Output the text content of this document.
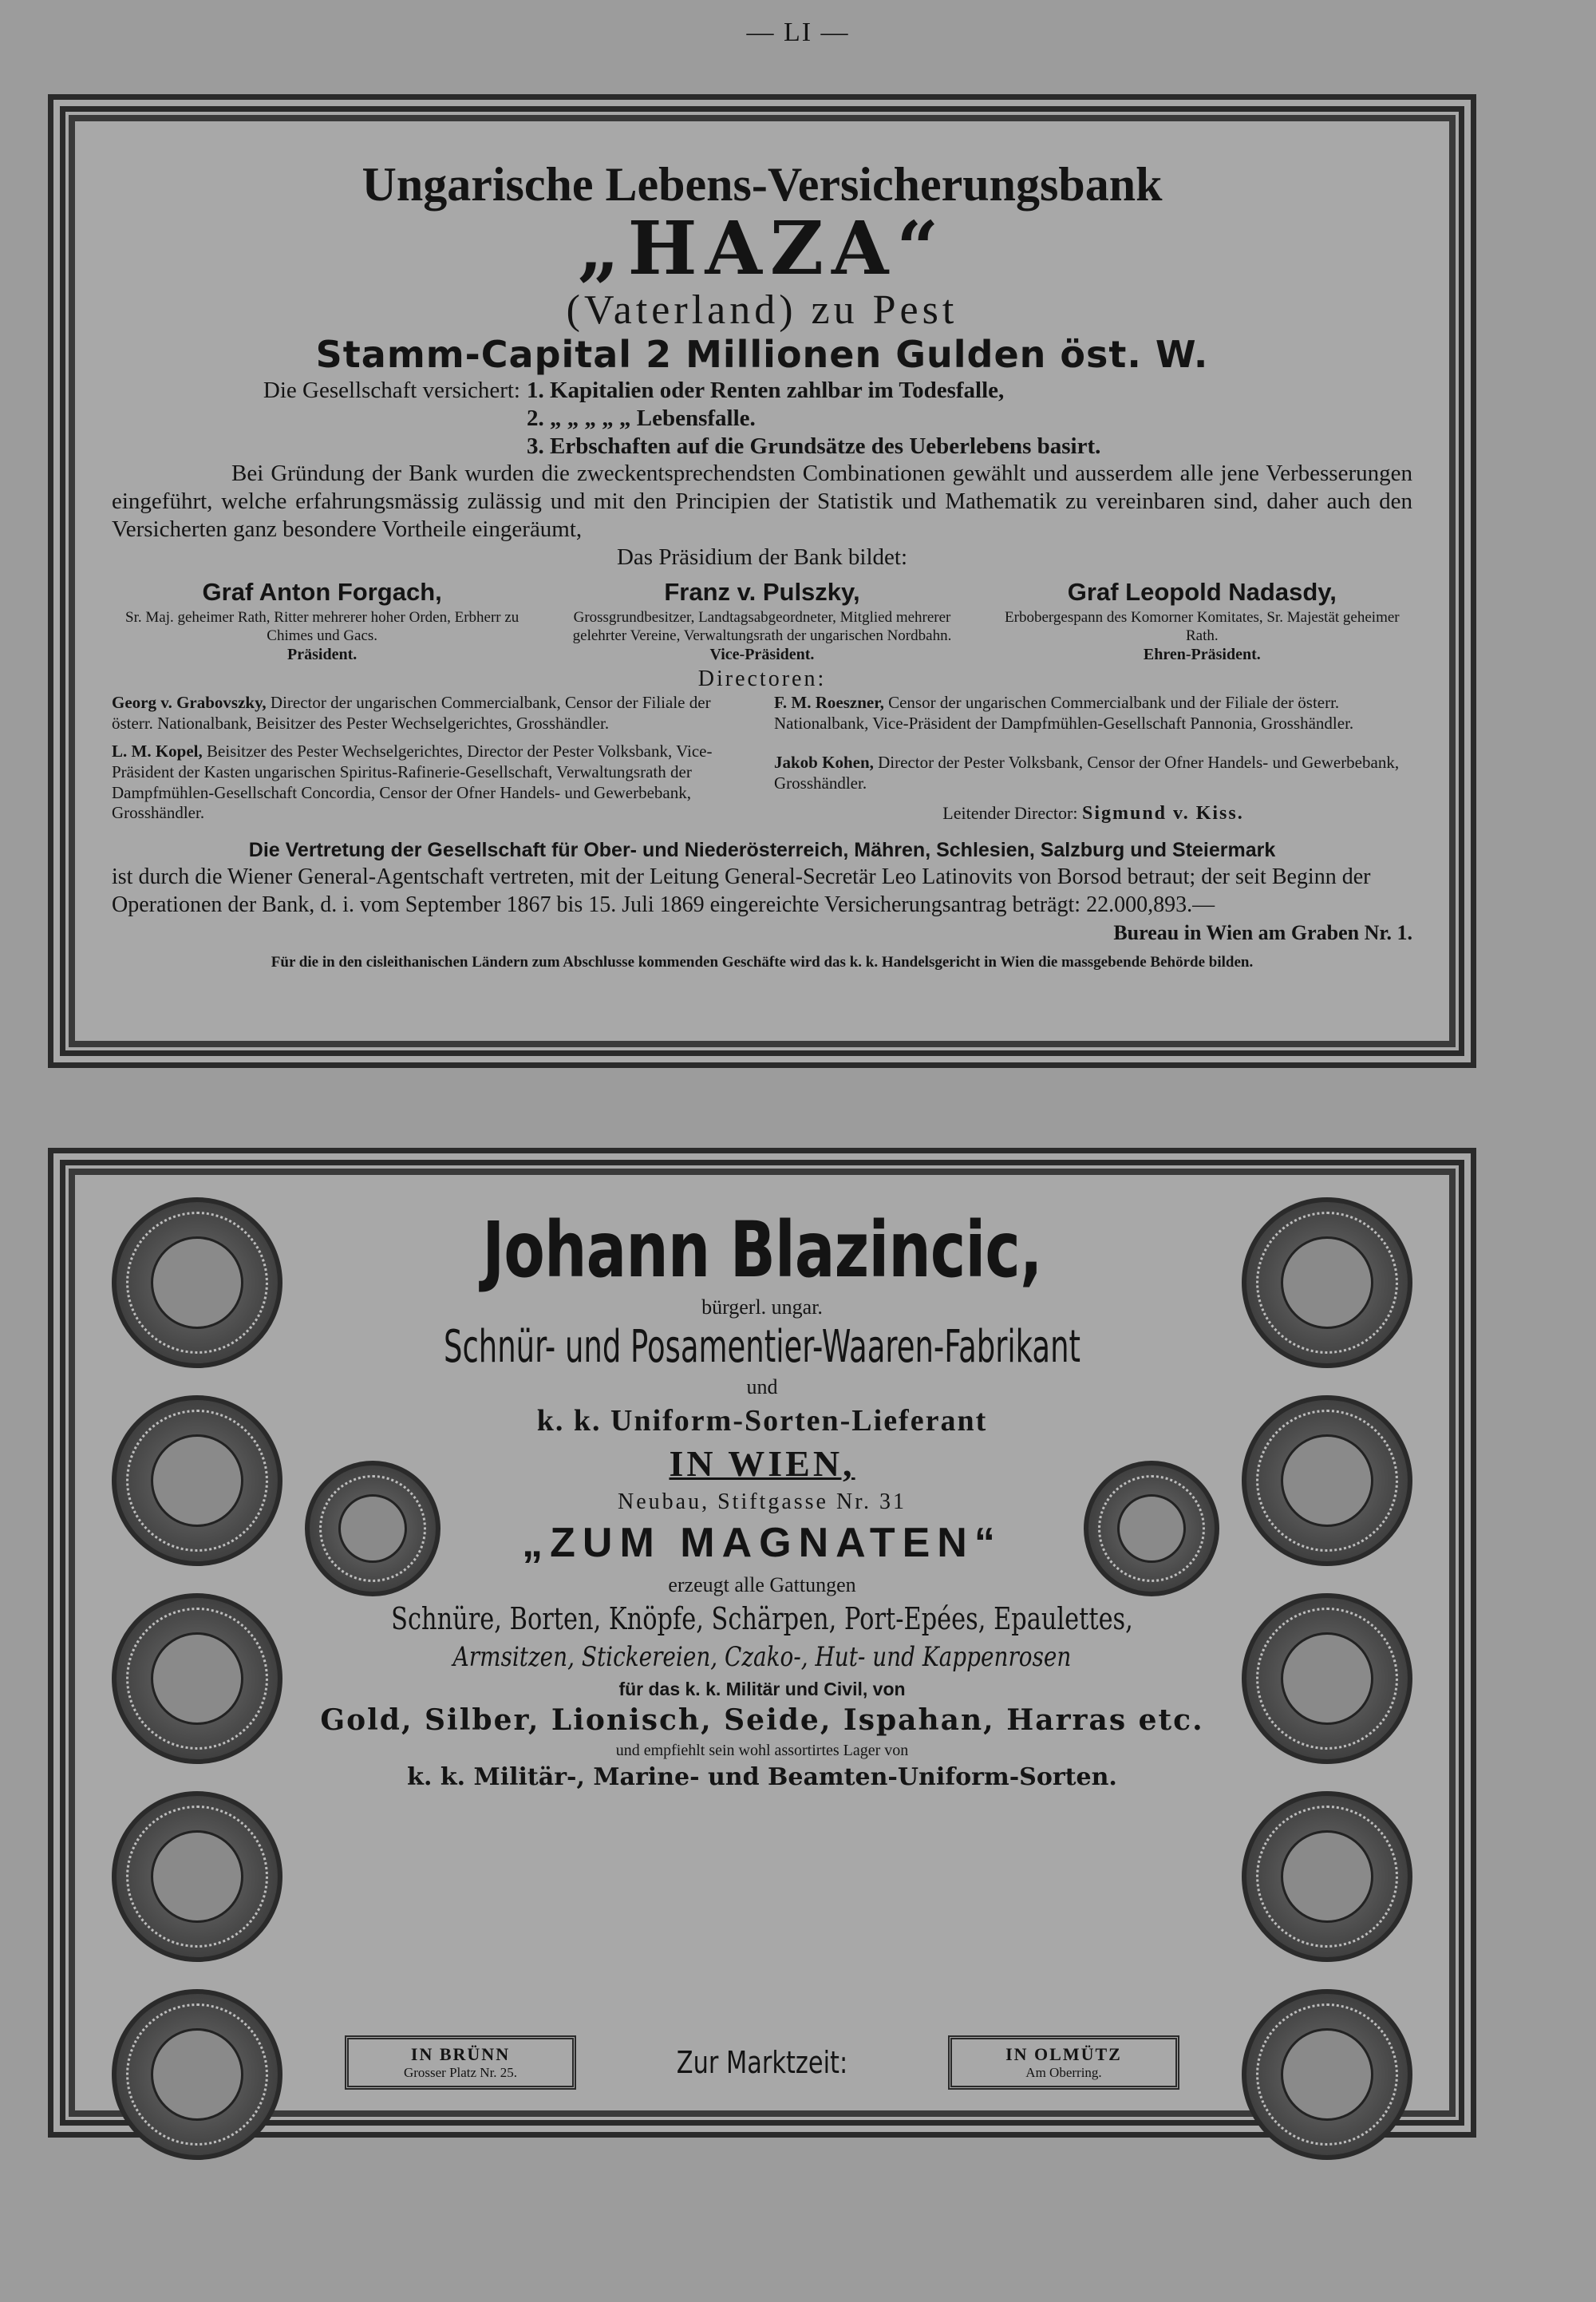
— LI —
Ungarische Lebens-Versicherungsbank
„HAZA“
(Vaterland) zu Pest
Stamm-Capital 2 Millionen Gulden öst. W.
Die Gesellschaft versichert: 1. Kapitalien oder Renten zahlbar im Todesfalle,
2. „ „ „ „ „ Lebensfalle.
3. Erbschaften auf die Grundsätze des Ueberlebens basirt.

Bei Gründung der Bank wurden die zweckentsprechendsten Combinationen gewählt und ausserdem alle jene Verbesserungen eingeführt, welche erfahrungsmässig zulässig und mit den Principien der Statistik und Mathematik zu vereinbaren sind, daher auch den Versicherten ganz besondere Vortheile eingeräumt,

Das Präsidium der Bank bildet:

Graf Anton Forgach,
Sr. Maj. geheimer Rath, Ritter mehrerer hoher Orden, Erbherr zu Chimes und Gacs.
Präsident.
Franz v. Pulszky,
Grossgrundbesitzer, Landtagsabgeordneter, Mitglied mehrerer gelehrter Vereine, Verwaltungsrath der ungarischen Nordbahn.
Vice-Präsident.
Graf Leopold Nadasdy,
Erbobergespann des Komorner Komitates, Sr. Majestät geheimer Rath.
Ehren-Präsident.
Directoren:

Georg v. Grabovszky, Director der ungarischen Commercialbank, Censor der Filiale der österr. Nationalbank, Beisitzer des Pester Wechselgerichtes, Grosshändler.

L. M. Kopel, Beisitzer des Pester Wechselgerichtes, Director der Pester Volksbank, Vice-Präsident der Kasten ungarischen Spiritus-Rafinerie-Gesellschaft, Verwaltungsrath der Dampfmühlen-Gesellschaft Concordia, Censor der Ofner Handels- und Gewerbebank, Grosshändler.

F. M. Roeszner, Censor der ungarischen Commercialbank und der Filiale der österr. Nationalbank, Vice-Präsident der Dampfmühlen-Gesellschaft Pannonia, Grosshändler.

Jakob Kohen, Director der Pester Volksbank, Censor der Ofner Handels- und Gewerbebank, Grosshändler.

Leitender Director: Sigmund v. Kiss.

Die Vertretung der Gesellschaft für Ober- und Niederösterreich, Mähren, Schlesien, Salzburg und Steiermark
ist durch die Wiener General-Agentschaft vertreten, mit der Leitung General-Secretär Leo Latinovits von Borsod betraut; der seit Beginn der Operationen der Bank, d. i. vom September 1867 bis 15. Juli 1869 eingereichte Versicherungsantrag beträgt: 22.000,893.—

Bureau in Wien am Graben Nr. 1.

Für die in den cisleithanischen Ländern zum Abschlusse kommenden Geschäfte wird das k. k. Handelsgericht in Wien die massgebende Behörde bilden.

Johann Blazincic,
bürgerl. ungar.
Schnür- und Posamentier-Waaren-Fabrikant
und
k. k. Uniform-Sorten-Lieferant
IN WIEN,
Neubau, Stiftgasse Nr. 31
„ZUM MAGNATEN“
erzeugt alle Gattungen
Schnüre, Borten, Knöpfe, Schärpen, Port-Epées, Epaulettes,
Armsitzen, Stickereien, Czako-, Hut- und Kappenrosen
für das k. k. Militär und Civil, von
Gold, Silber, Lionisch, Seide, Ispahan, Harras etc.
und empfiehlt sein wohl assortirtes Lager von
k. k. Militär-, Marine- und Beamten-Uniform-Sorten.
IN BRÜNN
Grosser Platz Nr. 25.	Zur Marktzeit:	IN OLMÜTZ
Am Oberring.
